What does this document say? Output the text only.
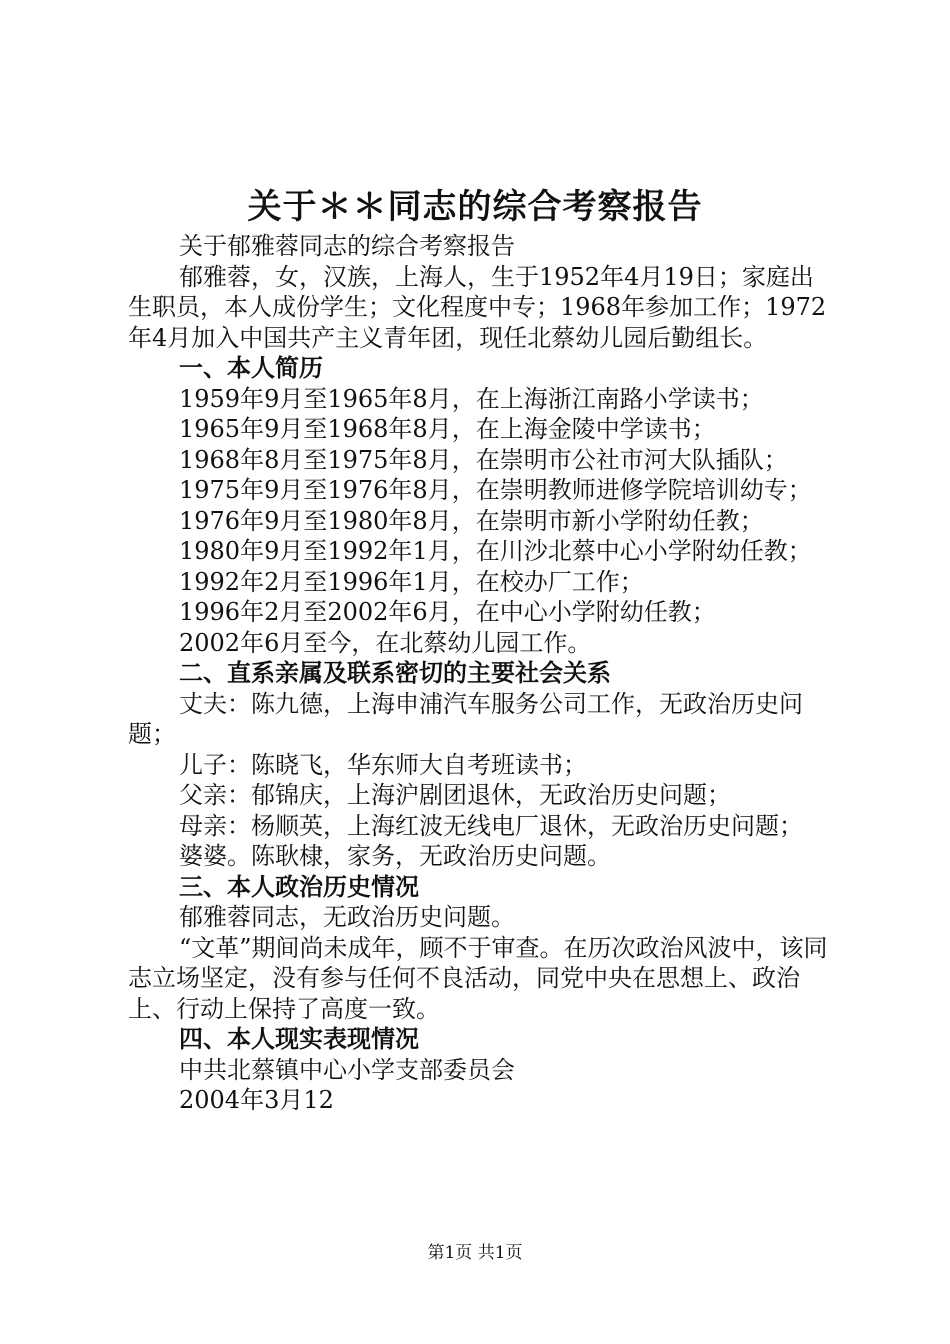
关于＊＊同志的综合考察报告

关于郁雅蓉同志的综合考察报告

郁雅蓉，女，汉族，上海人，生于1952年4月19日；家庭出生职员，本人成份学生；文化程度中专；1968年参加工作；1972年4月加入中国共产主义青年团，现任北蔡幼儿园后勤组长。

一、本人简历

1959年9月至1965年8月，在上海浙江南路小学读书；
1965年9月至1968年8月，在上海金陵中学读书；
1968年8月至1975年8月，在崇明市公社市河大队插队；
1975年9月至1976年8月，在崇明教师进修学院培训幼专；
1976年9月至1980年8月，在崇明市新小学附幼任教；
1980年9月至1992年1月，在川沙北蔡中心小学附幼任教；
1992年2月至1996年1月，在校办厂工作；
1996年2月至2002年6月，在中心小学附幼任教；
2002年6月至今，在北蔡幼儿园工作。

二、直系亲属及联系密切的主要社会关系

丈夫：陈九德，上海申浦汽车服务公司工作，无政治历史问题；

儿子：陈晓飞，华东师大自考班读书；

父亲：郁锦庆，上海沪剧团退休，无政治历史问题；

母亲：杨顺英，上海红波无线电厂退休，无政治历史问题；

婆婆。陈耿棣，家务，无政治历史问题。

三、本人政治历史情况

郁雅蓉同志，无政治历史问题。

“文革”期间尚未成年，顾不于审查。在历次政治风波中，该同志立场坚定，没有参与任何不良活动，同党中央在思想上、政治上、行动上保持了高度一致。

四、本人现实表现情况

中共北蔡镇中心小学支部委员会

2004年3月12

第1页 共1页
